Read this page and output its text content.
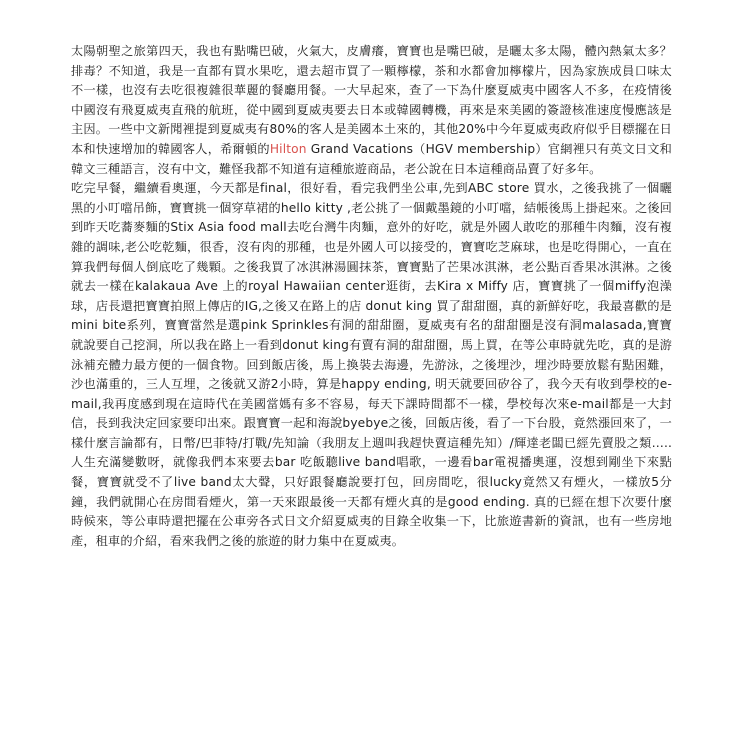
太陽朝聖之旅第四天，我也有點嘴巴破，火氣大，皮膚癢，寶寶也是嘴巴破，是曬太多太陽，體內熱氣太多？排毒？不知道，我是一直都有買水果吃，還去超市買了一顆檸檬，茶和水都會加檸檬片，因為家族成員口味太不一樣，也沒有去吃很複雜很華麗的餐廳用餐。一大早起來，查了一下為什麼夏威夷中國客人不多，在疫情後中國沒有飛夏威夷直飛的航班，從中國到夏威夷要去日本或韓國轉機，再來是來美國的簽證核准速度慢應該是主因。一些中文新聞裡提到夏威夷有80%的客人是美國本土來的，其他20%中今年夏威夷政府似乎目標擺在日本和快速增加的韓國客人，希爾頓的Hilton Grand Vacations（HGV membership）官網裡只有英文日文和韓文三種語言，沒有中文，難怪我都不知道有這種旅遊商品，老公說在日本這種商品賣了好多年。

吃完早餐，繼續看奧運，今天都是final，很好看，看完我們坐公車,先到ABC store 買水，之後我挑了一個曬黑的小叮噹吊飾，寶寶挑一個穿草裙的hello kitty ,老公挑了一個戴墨鏡的小叮噹，結帳後馬上掛起來。之後回到昨天吃蕎麥麵的Stix Asia food mall去吃台灣牛肉麵，意外的好吃，就是外國人敢吃的那種牛肉麵，沒有複雜的調味,老公吃乾麵，很香，沒有肉的那種，也是外國人可以接受的，寶寶吃芝麻球，也是吃得開心，一直在算我們每個人倒底吃了幾顆。之後我買了冰淇淋湯圓抹茶，寶寶點了芒果冰淇淋，老公點百香果冰淇淋。之後就去一樣在kalakaua Ave 上的royal Hawaiian center逛街，去Kira x Miffy 店，寶寶挑了一個miffy泡澡球，店長還把寶寶拍照上傳店的IG,之後又在路上的店 donut king 買了甜甜圈，真的新鮮好吃，我最喜歡的是mini bite系列，寶寶當然是選pink Sprinkles有洞的甜甜圈，夏威夷有名的甜甜圈是沒有洞malasada,寶寶就說要自己挖洞，所以我在路上一看到donut king有賣有洞的甜甜圈，馬上買，在等公車時就先吃，真的是游泳補充體力最方便的一個食物。回到飯店後，馬上換裝去海邊，先游泳，之後埋沙，埋沙時要放鬆有點困難，沙也滿重的，三人互埋，之後就又游2小時，算是happy ending, 明天就要回矽谷了，我今天有收到學校的e-mail,我再度感到現在這時代在美國當媽有多不容易，每天下課時間都不一樣，學校每次來e-mail都是一大封信，長到我決定回家要印出來。跟寶寶一起和海說byebye之後，回飯店後，看了一下台股，竟然漲回來了，一樣什麼言論都有，日幣/巴菲特/打戰/先知論（我朋友上週叫我趕快賣這種先知）/輝達老闆已經先賣股之類…..人生充滿變數呀，就像我們本來要去bar 吃飯聽live band唱歌，一邊看bar電視播奧運，沒想到剛坐下來點餐，寶寶就受不了live band太大聲，只好跟餐廳說要打包，回房間吃，很lucky竟然又有煙火，一樣放5分鐘，我們就開心在房間看煙火，第一天來跟最後一天都有煙火真的是good ending. 真的已經在想下次要什麼時候來，等公車時還把擺在公車旁各式日文介紹夏威夷的目錄全收集一下，比旅遊書新的資訊，也有一些房地產，租車的介紹，看來我們之後的旅遊的財力集中在夏威夷。
